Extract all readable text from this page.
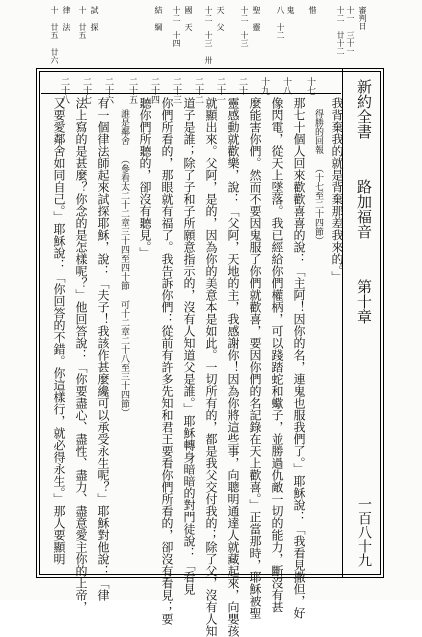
審判日
十一 三十一
十二 廿十二
惜
鬼
八 十二
聖 靈
十二 十三
天 父
十二 十三 卅
國 天
十二 十四
結 綱
試 探
十 廿五
律 法
十 廿五 廿六
新約全書
路加福音
第十章
一百八十九
十七
十八
十九
二十
二十一
二十二
二十三
二十四
二十五
二十六
二十七
二十八
我背棄我的就是背棄那差我來的。」
得勝的回報 （十七至二十四節）
那七十個人回來歡歡喜喜的說：「主阿！因你的名，連鬼也服我們了。」耶穌說：「我看見撒但，好
像閃電，從天上墜落。我已經給你們權柄，可以踐踏蛇和蠍子，並勝過仇敵一切的能力，斷沒有甚
麼能害你們。然而不要因鬼服了你們就歡喜，要因你們的名記錄在天上歡喜。」正當那時，耶穌被聖
靈感動就歡樂，說：「父阿，天地的主，我感謝你！因為你將這些事，向聰明通達人就藏起來，向嬰孩
就顯出來。父阿，是的，因為你的美意本是如此。一切所有的，都是我父交付我的；除了父，沒有人知
道子是誰；除了子和子所願意指示的，沒有人知道父是誰。」耶穌轉身暗暗的對門徒說：「看見
你們所看的，那眼就有福了。我告訴你們：從前有許多先知和君王要看你們所看的，卻沒有看見；要
聽你們所聽的，卻沒有聽見。」
誰是鄰舍 （參看太二十二章三十四至四十節 可十二章二十八至三十四節）
有一個律法師起來試探耶穌，說：「夫子！我該作甚麼纔可以承受永生呢？」耶穌對他說：「律
法上寫的是甚麼？你念的是怎樣呢？」他回答說：「你要盡心、盡性、盡力、盡意愛主你的上帝，
又要愛鄰舍如同自己。」耶穌說：「你回答的不錯。你這樣行，就必得永生。」那人要顯明
